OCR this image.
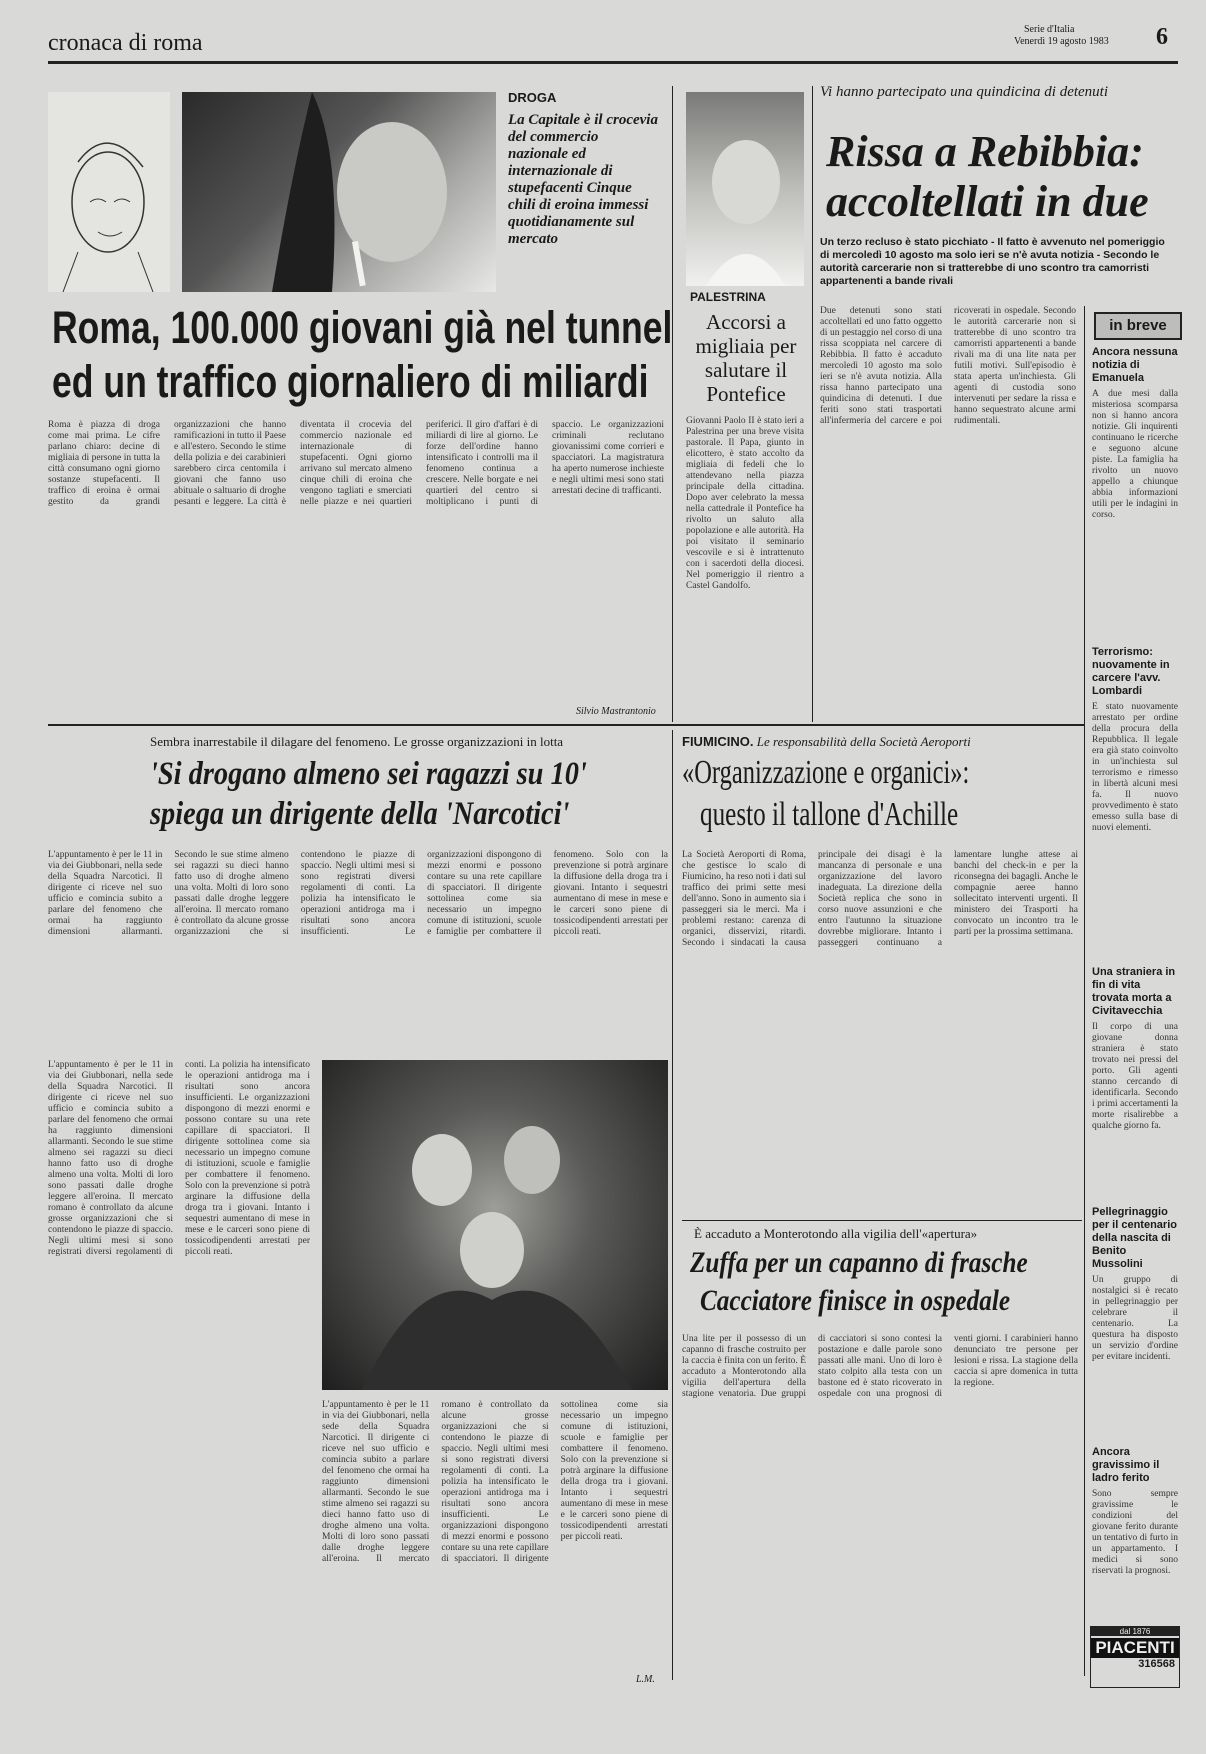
cronaca di roma
Serie d'Italia
Venerdì 19 agosto 1983 6
DROGA
La Capitale è il crocevia del commercio nazionale ed internazionale di stupefacenti Cinque chili di eroina immessi quotidianamente sul mercato
Roma, 100.000 giovani già nel tunnel
ed un traffico giornaliero di miliardi
Roma è piazza di droga come mai prima. Le cifre parlano chiaro: decine di migliaia di persone in tutta la città consumano ogni giorno sostanze stupefacenti. Il traffico di eroina è ormai gestito da grandi organizzazioni che hanno ramificazioni in tutto il Paese e all'estero. Secondo le stime della polizia e dei carabinieri sarebbero circa centomila i giovani che fanno uso abituale o saltuario di droghe pesanti e leggere. La città è diventata il crocevia del commercio nazionale ed internazionale di stupefacenti. Ogni giorno arrivano sul mercato almeno cinque chili di eroina che vengono tagliati e smerciati nelle piazze e nei quartieri periferici. Il giro d'affari è di miliardi di lire al giorno. Le forze dell'ordine hanno intensificato i controlli ma il fenomeno continua a crescere. Nelle borgate e nei quartieri del centro si moltiplicano i punti di spaccio. Le organizzazioni criminali reclutano giovanissimi come corrieri e spacciatori. La magistratura ha aperto numerose inchieste e negli ultimi mesi sono stati arrestati decine di trafficanti.
PALESTRINA
Accorsi a migliaia per salutare il Pontefice
Giovanni Paolo II è stato ieri a Palestrina per una breve visita pastorale. Il Papa, giunto in elicottero, è stato accolto da migliaia di fedeli che lo attendevano nella piazza principale della cittadina. Dopo aver celebrato la messa nella cattedrale il Pontefice ha rivolto un saluto alla popolazione e alle autorità. Ha poi visitato il seminario vescovile e si è intrattenuto con i sacerdoti della diocesi. Nel pomeriggio il rientro a Castel Gandolfo.
Silvio Mastrantonio
Vi hanno partecipato una quindicina di detenuti
Rissa a Rebibbia:
accoltellati in due
Un terzo recluso è stato picchiato - Il fatto è avvenuto nel pomeriggio di mercoledì 10 agosto ma solo ieri se n'è avuta notizia - Secondo le autorità carcerarie non si tratterebbe di uno scontro tra camorristi appartenenti a bande rivali
Due detenuti sono stati accoltellati ed uno fatto oggetto di un pestaggio nel corso di una rissa scoppiata nel carcere di Rebibbia. Il fatto è accaduto mercoledì 10 agosto ma solo ieri se n'è avuta notizia. Alla rissa hanno partecipato una quindicina di detenuti. I due feriti sono stati trasportati all'infermeria del carcere e poi ricoverati in ospedale. Secondo le autorità carcerarie non si tratterebbe di uno scontro tra camorristi appartenenti a bande rivali ma di una lite nata per futili motivi. Sull'episodio è stata aperta un'inchiesta. Gli agenti di custodia sono intervenuti per sedare la rissa e hanno sequestrato alcune armi rudimentali.
in breve
Ancora nessuna notizia di Emanuela
A due mesi dalla misteriosa scomparsa non si hanno ancora notizie. Gli inquirenti continuano le ricerche e seguono alcune piste. La famiglia ha rivolto un nuovo appello a chiunque abbia informazioni utili per le indagini in corso.
Terrorismo: nuovamente in carcere l'avv. Lombardi
È stato nuovamente arrestato per ordine della procura della Repubblica. Il legale era già stato coinvolto in un'inchiesta sul terrorismo e rimesso in libertà alcuni mesi fa. Il nuovo provvedimento è stato emesso sulla base di nuovi elementi.
Una straniera in fin di vita trovata morta a Civitavecchia
Il corpo di una giovane donna straniera è stato trovato nei pressi del porto. Gli agenti stanno cercando di identificarla. Secondo i primi accertamenti la morte risalirebbe a qualche giorno fa.
Pellegrinaggio per il centenario della nascita di Benito Mussolini
Un gruppo di nostalgici si è recato in pellegrinaggio per celebrare il centenario. La questura ha disposto un servizio d'ordine per evitare incidenti.
Ancora gravissimo il ladro ferito
Sono sempre gravissime le condizioni del giovane ferito durante un tentativo di furto in un appartamento. I medici si sono riservati la prognosi.
Sembra inarrestabile il dilagare del fenomeno. Le grosse organizzazioni in lotta
'Si drogano almeno sei ragazzi su 10'
spiega un dirigente della 'Narcotici'
L'appuntamento è per le 11 in via dei Giubbonari, nella sede della Squadra Narcotici. Il dirigente ci riceve nel suo ufficio e comincia subito a parlare del fenomeno che ormai ha raggiunto dimensioni allarmanti. Secondo le sue stime almeno sei ragazzi su dieci hanno fatto uso di droghe almeno una volta. Molti di loro sono passati dalle droghe leggere all'eroina. Il mercato romano è controllato da alcune grosse organizzazioni che si contendono le piazze di spaccio. Negli ultimi mesi si sono registrati diversi regolamenti di conti. La polizia ha intensificato le operazioni antidroga ma i risultati sono ancora insufficienti. Le organizzazioni dispongono di mezzi enormi e possono contare su una rete capillare di spacciatori. Il dirigente sottolinea come sia necessario un impegno comune di istituzioni, scuole e famiglie per combattere il fenomeno. Solo con la prevenzione si potrà arginare la diffusione della droga tra i giovani. Intanto i sequestri aumentano di mese in mese e le carceri sono piene di tossicodipendenti arrestati per piccoli reati.
L'appuntamento è per le 11 in via dei Giubbonari, nella sede della Squadra Narcotici. Il dirigente ci riceve nel suo ufficio e comincia subito a parlare del fenomeno che ormai ha raggiunto dimensioni allarmanti. Secondo le sue stime almeno sei ragazzi su dieci hanno fatto uso di droghe almeno una volta. Molti di loro sono passati dalle droghe leggere all'eroina. Il mercato romano è controllato da alcune grosse organizzazioni che si contendono le piazze di spaccio. Negli ultimi mesi si sono registrati diversi regolamenti di conti. La polizia ha intensificato le operazioni antidroga ma i risultati sono ancora insufficienti. Le organizzazioni dispongono di mezzi enormi e possono contare su una rete capillare di spacciatori. Il dirigente sottolinea come sia necessario un impegno comune di istituzioni, scuole e famiglie per combattere il fenomeno. Solo con la prevenzione si potrà arginare la diffusione della droga tra i giovani. Intanto i sequestri aumentano di mese in mese e le carceri sono piene di tossicodipendenti arrestati per piccoli reati.
L'appuntamento è per le 11 in via dei Giubbonari, nella sede della Squadra Narcotici. Il dirigente ci riceve nel suo ufficio e comincia subito a parlare del fenomeno che ormai ha raggiunto dimensioni allarmanti. Secondo le sue stime almeno sei ragazzi su dieci hanno fatto uso di droghe almeno una volta. Molti di loro sono passati dalle droghe leggere all'eroina. Il mercato romano è controllato da alcune grosse organizzazioni che si contendono le piazze di spaccio. Negli ultimi mesi si sono registrati diversi regolamenti di conti. La polizia ha intensificato le operazioni antidroga ma i risultati sono ancora insufficienti. Le organizzazioni dispongono di mezzi enormi e possono contare su una rete capillare di spacciatori. Il dirigente sottolinea come sia necessario un impegno comune di istituzioni, scuole e famiglie per combattere il fenomeno. Solo con la prevenzione si potrà arginare la diffusione della droga tra i giovani. Intanto i sequestri aumentano di mese in mese e le carceri sono piene di tossicodipendenti arrestati per piccoli reati.
L.M.
FIUMICINO. Le responsabilità della Società Aeroporti
«Organizzazione e organici»:
questo il tallone d'Achille
La Società Aeroporti di Roma, che gestisce lo scalo di Fiumicino, ha reso noti i dati sul traffico dei primi sette mesi dell'anno. Sono in aumento sia i passeggeri sia le merci. Ma i problemi restano: carenza di organici, disservizi, ritardi. Secondo i sindacati la causa principale dei disagi è la mancanza di personale e una organizzazione del lavoro inadeguata. La direzione della Società replica che sono in corso nuove assunzioni e che entro l'autunno la situazione dovrebbe migliorare. Intanto i passeggeri continuano a lamentare lunghe attese ai banchi del check-in e per la riconsegna dei bagagli. Anche le compagnie aeree hanno sollecitato interventi urgenti. Il ministero dei Trasporti ha convocato un incontro tra le parti per la prossima settimana.
È accaduto a Monterotondo alla vigilia dell'«apertura»
Zuffa per un capanno di frasche
Cacciatore finisce in ospedale
Una lite per il possesso di un capanno di frasche costruito per la caccia è finita con un ferito. È accaduto a Monterotondo alla vigilia dell'apertura della stagione venatoria. Due gruppi di cacciatori si sono contesi la postazione e dalle parole sono passati alle mani. Uno di loro è stato colpito alla testa con un bastone ed è stato ricoverato in ospedale con una prognosi di venti giorni. I carabinieri hanno denunciato tre persone per lesioni e rissa. La stagione della caccia si apre domenica in tutta la regione.
dal 1876
PIACENTI
316568
